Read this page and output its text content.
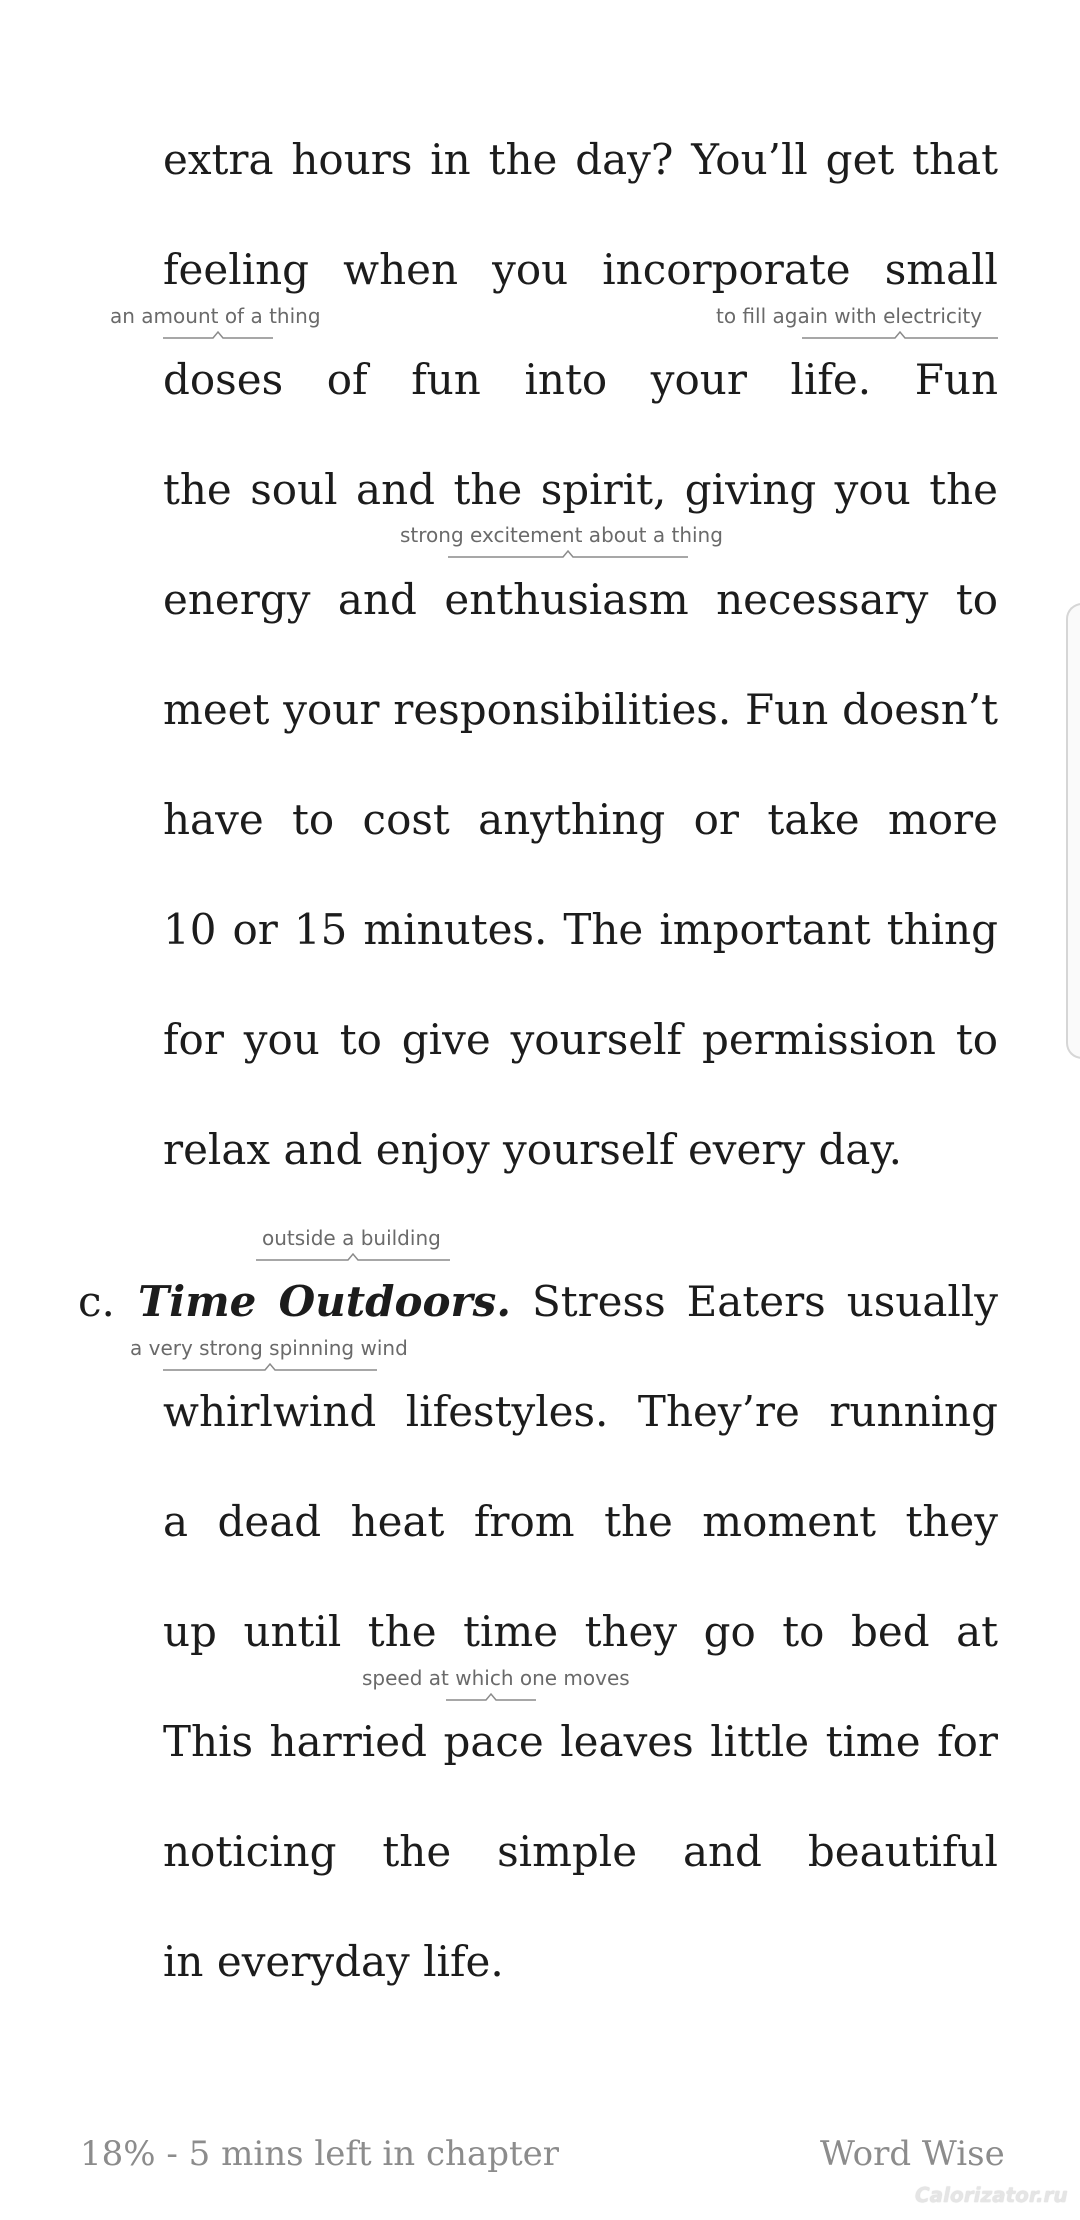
extra hours in the day? You’ll get that
feeling when you incorporate small
doses of fun into your life. Fun
the soul and the spirit, giving you the
energy and enthusiasm necessary to
meet your responsibilities. Fun doesn’t
have to cost anything or take more
10 or 15 minutes. The important thing
for you to give yourself permission to
relax and enjoy yourself every day.
an amount of a thing	to fill again with electricity
strong excitement about a thing
outside a building
c. Time Outdoors. Stress Eaters usually
a very strong spinning wind
whirlwind lifestyles. They’re running
a dead heat from the moment they
up until the time they go to bed at
speed at which one moves
This harried pace leaves little time for
noticing the simple and beautiful
in everyday life.
18% - 5 mins left in chapter	Word Wise
Calorizator.ru
